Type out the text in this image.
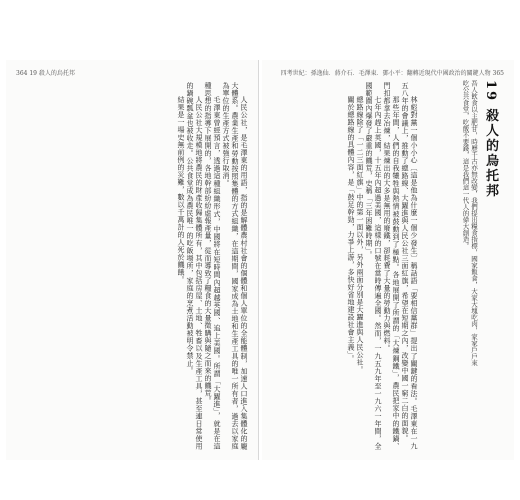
364 19 殺人的烏托邦

人民公社，是毛澤東的用語，指的是解體農村社會的個體和個人單位的全能體制，加速人口進入集體化的龐大體系。農業生產和勞動按照集體的方式組織，在這期間，國家成為土地和生產工具的唯一所有者，過去以家庭為單位的生產方式被強行取消。

毛澤東曾經預言，透過這種組織形式，中國將在短時間內超越英國、追上美國。所謂「大躍進」，就是在這種思想的指導下展開的，各地幹部紛紛虛報產量，從而導致了糧食的大量徵購與隨之而來的饑荒。

人民公社大規模地將農民的財產收歸集體所有，其中包括房屋、土地、牲畜以及生產工具，甚至連日常使用的鍋碗瓢盆也被收走。公共食堂成為農民唯一的吃飯場所，家庭的烹煮活動被明令禁止。

結果是一場史無前例的災難，數以千萬計的人死於饑餓。

四考世紀：孫逸仙．蔣介石．毛澤東．鄧小平：翻轉近現代中國政治的關鍵人物 365
19 殺人的烏托邦
吾人飲食以主肥甘，時歷千古亦無改變，我們提出糧食指標，國家飯食，大家大塊吃肉，家家戶戶來吃公共食堂，吃飯不要錢，這是我們這一代人的偉大創造。

林彪對黨一個小小心〔這是他為什麼一個少發生〕稱話語「要相信黨群」提出了關鍵的看法。毛澤東在一九五八年的會議上，推動了總路線、大躍進與人民公社三面紅旗，希望在短期之內，改變中國一窮二白的面貌。

那些年間，人們的自我犧牲與熱情被鼓動到了極點。各地展開了所謂的「大煉鋼鐵」，農民把家中的鐵鍋、門扣都拿去冶煉，結果煉出的大多是無用的廢鐵，卻耗費了大量的勞動力與燃料。

七年內趕上英國，十五年內超過美國，這樣的口號在當時傳遍全國。然而，一九五九年至一九六一年間，全國範圍內爆發了嚴重的饑荒，史稱「三年困難時期」。

總路線除了「一二三面紅旗」中的第一面以外，另外兩面分別是大躍進與人民公社。

關於總路線的具體內容，是「鼓足幹勁，力爭上游，多快好省地建設社會主義」。
